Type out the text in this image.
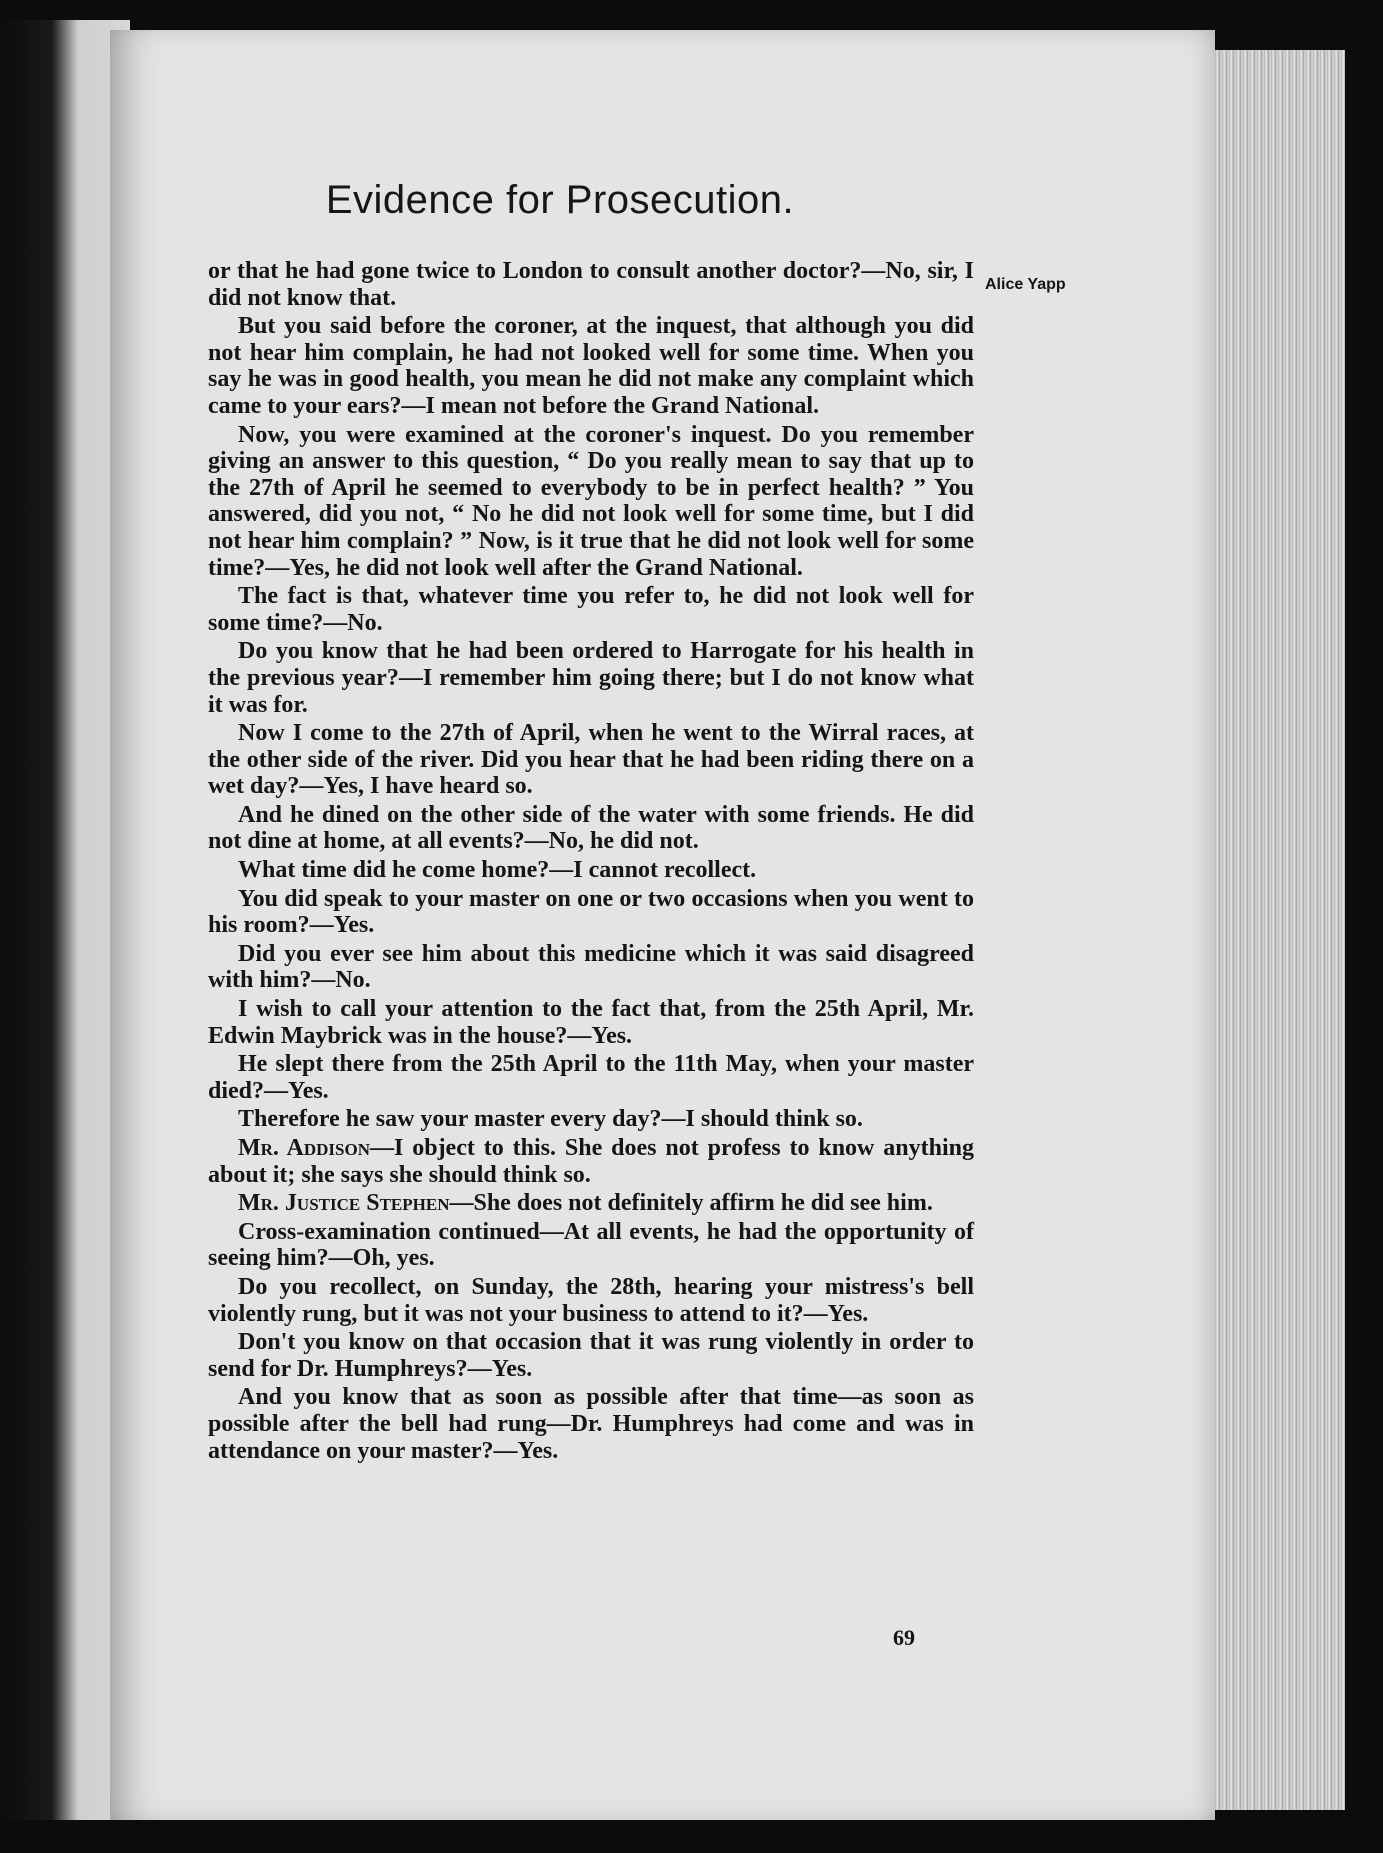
Evidence for Prosecution.
Alice Yapp

or that he had gone twice to London to consult another doctor?—No, sir, I did not know that.

But you said before the coroner, at the inquest, that although you did not hear him complain, he had not looked well for some time. When you say he was in good health, you mean he did not make any complaint which came to your ears?—I mean not before the Grand National.

Now, you were examined at the coroner's inquest. Do you remember giving an answer to this question, “ Do you really mean to say that up to the 27th of April he seemed to everybody to be in perfect health? ” You answered, did you not, “ No he did not look well for some time, but I did not hear him complain? ” Now, is it true that he did not look well for some time?—Yes, he did not look well after the Grand National.

The fact is that, whatever time you refer to, he did not look well for some time?—No.

Do you know that he had been ordered to Harrogate for his health in the previous year?—I remember him going there; but I do not know what it was for.

Now I come to the 27th of April, when he went to the Wirral races, at the other side of the river. Did you hear that he had been riding there on a wet day?—Yes, I have heard so.

And he dined on the other side of the water with some friends. He did not dine at home, at all events?—No, he did not.

What time did he come home?—I cannot recollect.

You did speak to your master on one or two occasions when you went to his room?—Yes.

Did you ever see him about this medicine which it was said disagreed with him?—No.

I wish to call your attention to the fact that, from the 25th April, Mr. Edwin Maybrick was in the house?—Yes.

He slept there from the 25th April to the 11th May, when your master died?—Yes.

Therefore he saw your master every day?—I should think so.

Mr. Addison—I object to this. She does not profess to know anything about it; she says she should think so.

Mr. Justice Stephen—She does not definitely affirm he did see him.

Cross-examination continued—At all events, he had the opportunity of seeing him?—Oh, yes.

Do you recollect, on Sunday, the 28th, hearing your mistress's bell violently rung, but it was not your business to attend to it?—Yes.

Don't you know on that occasion that it was rung violently in order to send for Dr. Humphreys?—Yes.

And you know that as soon as possible after that time—as soon as possible after the bell had rung—Dr. Humphreys had come and was in attendance on your master?—Yes.

69
